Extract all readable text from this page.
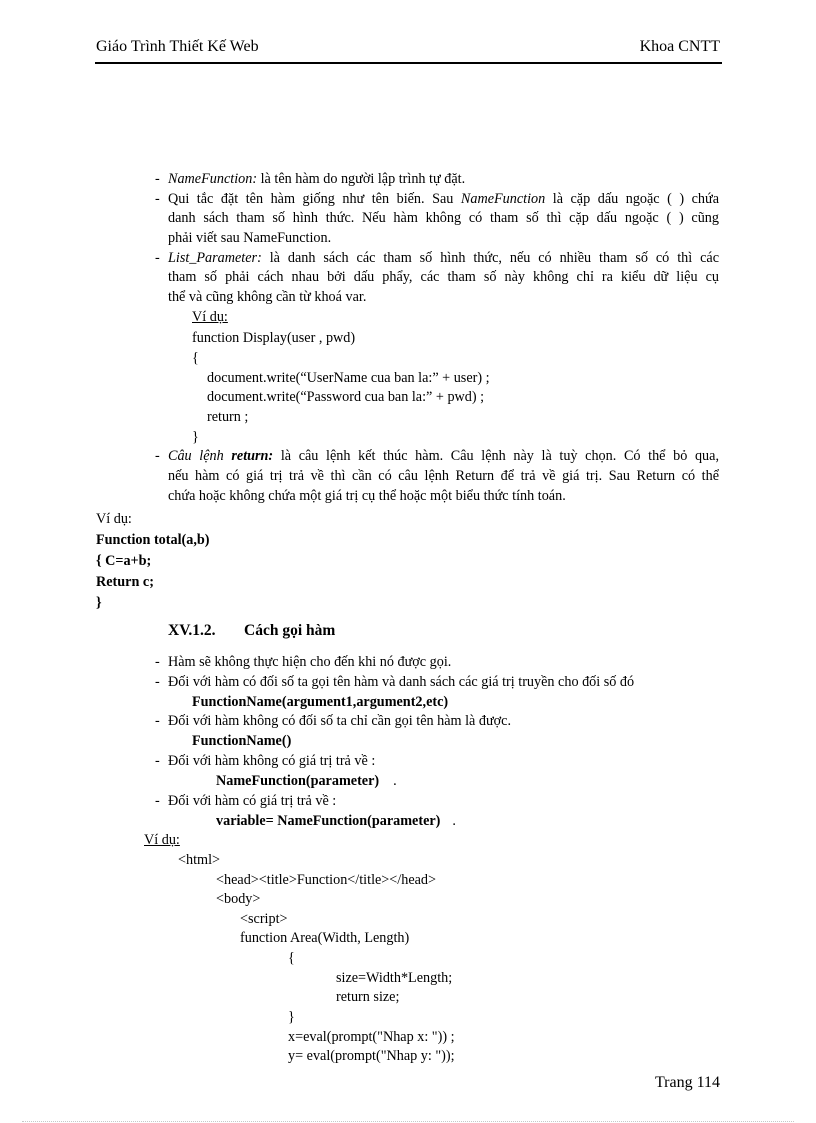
Giáo Trình Thiết Kế Web	Khoa CNTT
- NameFunction: là tên hàm do người lập trình tự đặt.
- Qui tắc đặt tên hàm giống như tên biến. Sau NameFunction là cặp dấu ngoặc ( ) chứa
danh sách tham số hình thức. Nếu hàm không có tham số thì cặp dấu ngoặc ( ) cũng
phải viết sau NameFunction.
- List_Parameter: là danh sách các tham số hình thức, nếu có nhiều tham số có thì các
tham số phải cách nhau bởi dấu phẩy, các tham số này không chỉ ra kiểu dữ liệu cụ
thể và cũng không cần từ khoá var.
Ví dụ:
function Display(user , pwd)
{
document.write(“UserName cua ban la:” + user) ;
document.write(“Password cua ban la:” + pwd) ;
return ;
}
- Câu lệnh return: là câu lệnh kết thúc hàm. Câu lệnh này là tuỳ chọn. Có thể bỏ qua,
nếu hàm có giá trị trả về thì cần có câu lệnh Return để trả về giá trị. Sau Return có thể
chứa hoặc không chứa một giá trị cụ thể hoặc một biểu thức tính toán.
Ví dụ:
Function total(a,b)
{ C=a+b;
Return c;
}
XV.1.2. Cách gọi hàm
- Hàm sẽ không thực hiện cho đến khi nó được gọi.
- Đối với hàm có đối số ta gọi tên hàm và danh sách các giá trị truyền cho đối số đó
FunctionName(argument1,argument2,etc)
- Đối với hàm không có đối số ta chỉ cần gọi tên hàm là được.
FunctionName()
- Đối với hàm không có giá trị trả về :
NameFunction(parameter) .
- Đối với hàm có giá trị trả về :
variable= NameFunction(parameter) .
Ví dụ:
<html>
<head><title>Function</title></head>
<body>
<script>
function Area(Width, Length)
{
size=Width*Length;
return size;
}
x=eval(prompt("Nhap x: ")) ;
y= eval(prompt("Nhap y: "));
Trang 114
